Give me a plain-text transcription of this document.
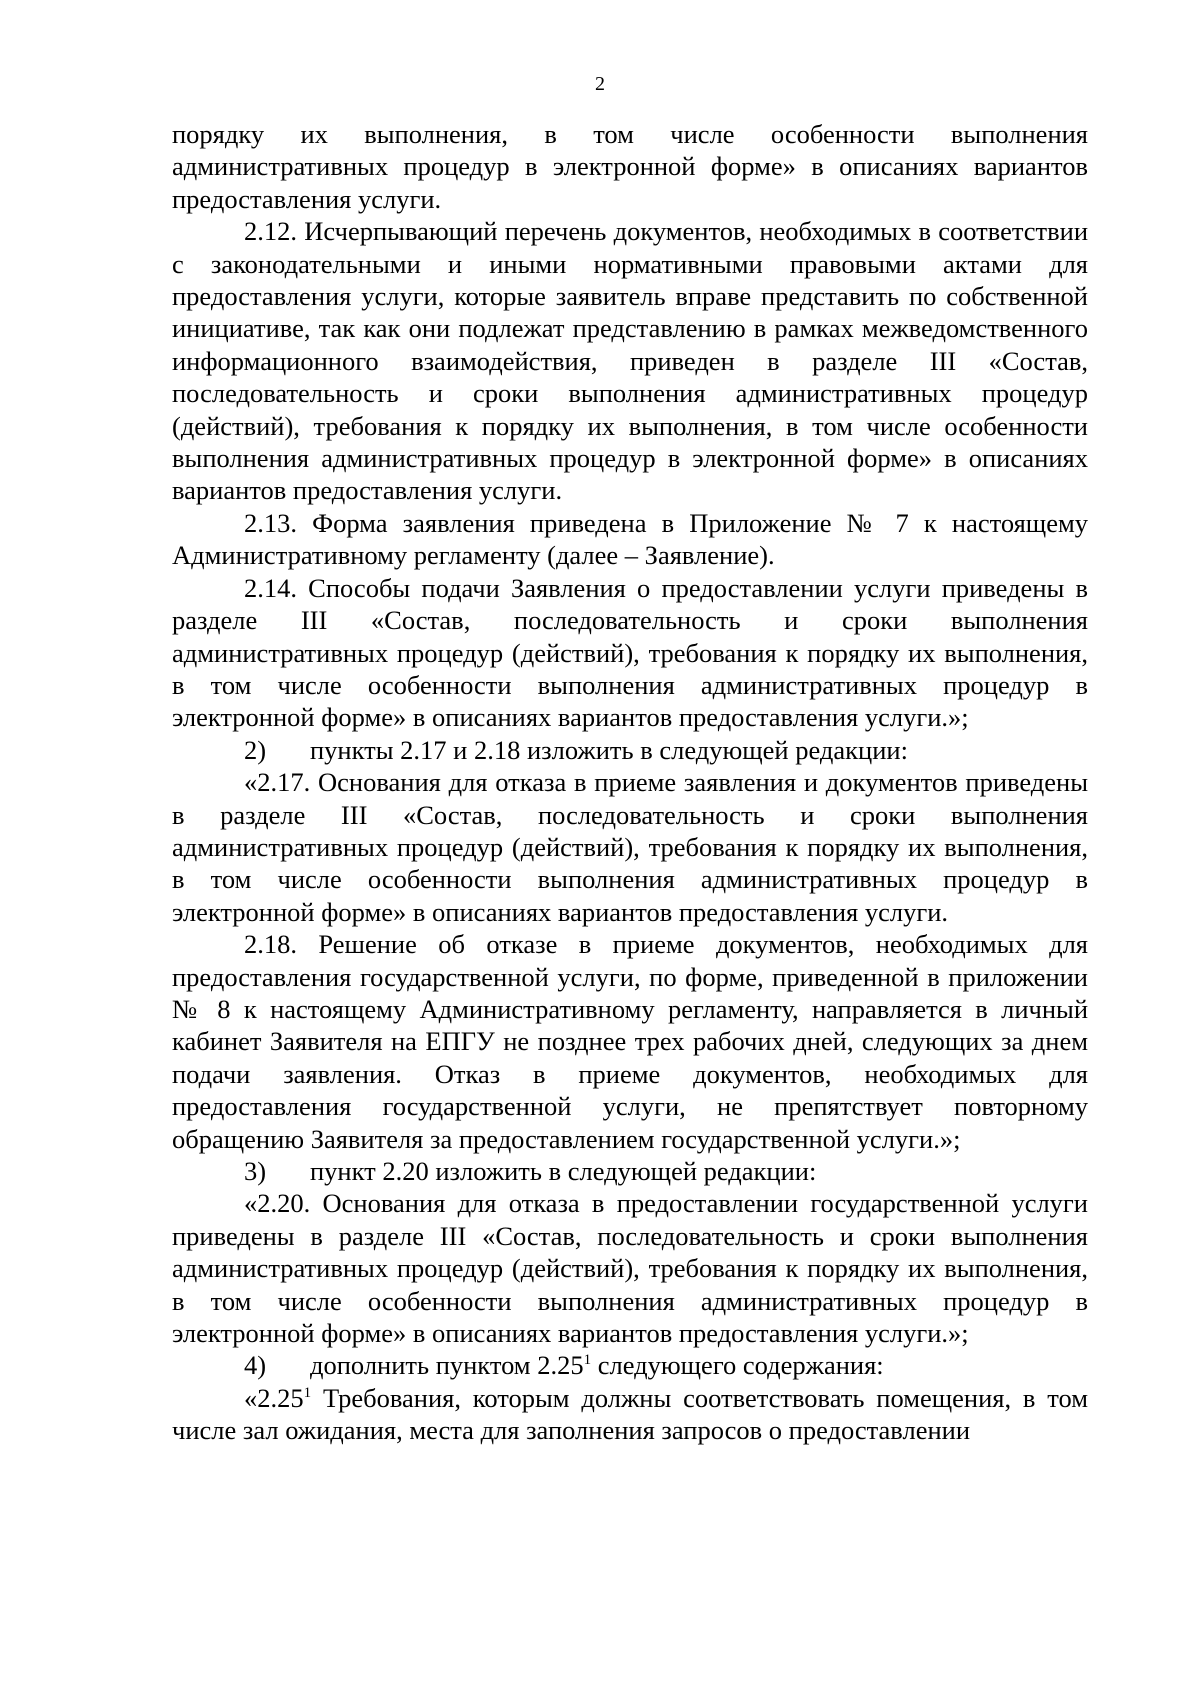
2

порядку их выполнения, в том числе особенности выполнения административных процедур в электронной форме» в описаниях вариантов предоставления услуги.

2.12. Исчерпывающий перечень документов, необходимых в соответствии с законодательными и иными нормативными правовыми актами для предоставления услуги, которые заявитель вправе представить по собственной инициативе, так как они подлежат представлению в рамках межведомственного информационного взаимодействия, приведен в разделе III «Состав, последовательность и сроки выполнения административных процедур (действий), требования к порядку их выполнения, в том числе особенности выполнения административных процедур в электронной форме» в описаниях вариантов предоставления услуги.

2.13. Форма заявления приведена в Приложение № 7 к настоящему Административному регламенту (далее – Заявление).

2.14. Способы подачи Заявления о предоставлении услуги приведены в разделе III «Состав, последовательность и сроки выполнения административных процедур (действий), требования к порядку их выполнения, в том числе особенности выполнения административных процедур в электронной форме» в описаниях вариантов предоставления услуги.»;

2) пункты 2.17 и 2.18 изложить в следующей редакции:

«2.17. Основания для отказа в приеме заявления и документов приведены в разделе III «Состав, последовательность и сроки выполнения административных процедур (действий), требования к порядку их выполнения, в том числе особенности выполнения административных процедур в электронной форме» в описаниях вариантов предоставления услуги.

2.18. Решение об отказе в приеме документов, необходимых для предоставления государственной услуги, по форме, приведенной в приложении № 8 к настоящему Административному регламенту, направляется в личный кабинет Заявителя на ЕПГУ не позднее трех рабочих дней, следующих за днем подачи заявления. Отказ в приеме документов, необходимых для предоставления государственной услуги, не препятствует повторному обращению Заявителя за предоставлением государственной услуги.»;

3) пункт 2.20 изложить в следующей редакции:

«2.20. Основания для отказа в предоставлении государственной услуги приведены в разделе III «Состав, последовательность и сроки выполнения административных процедур (действий), требования к порядку их выполнения, в том числе особенности выполнения административных процедур в электронной форме» в описаниях вариантов предоставления услуги.»;

4) дополнить пунктом 2.25$^1$ следующего содержания:

«2.25$^1$ Требования, которым должны соответствовать помещения, в том числе зал ожидания, места для заполнения запросов о предоставлении
